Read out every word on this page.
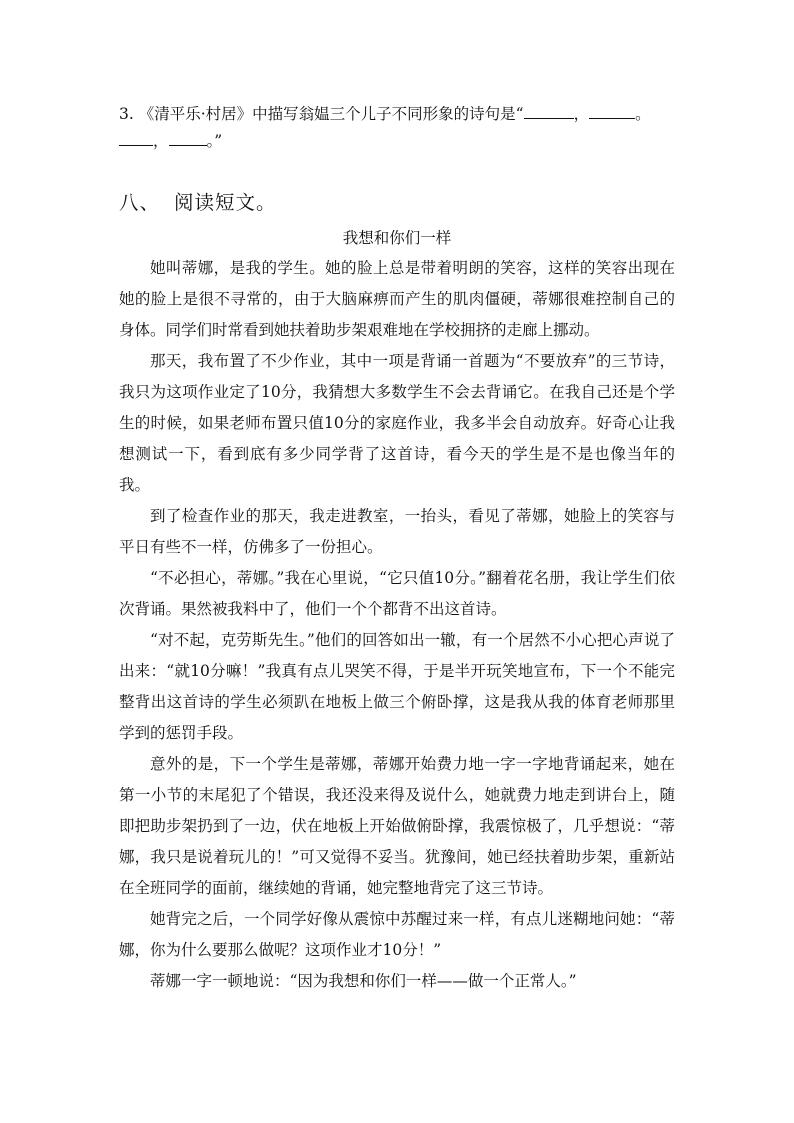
3. 《清平乐·村居》中描写翁媪三个儿子不同形象的诗句是“	，	。， 。”
八、 阅读短文。
我想和你们一样

她叫蒂娜，是我的学生。她的脸上总是带着明朗的笑容，这样的笑容出现在她的脸上是很不寻常的，由于大脑麻痹而产生的肌肉僵硬，蒂娜很难控制自己的身体。同学们时常看到她扶着助步架艰难地在学校拥挤的走廊上挪动。

那天，我布置了不少作业，其中一项是背诵一首题为“不要放弃”的三节诗，我只为这项作业定了10分，我猜想大多数学生不会去背诵它。在我自己还是个学生的时候，如果老师布置只值10分的家庭作业，我多半会自动放弃。好奇心让我想测试一下，看到底有多少同学背了这首诗，看今天的学生是不是也像当年的我。

到了检查作业的那天，我走进教室，一抬头，看见了蒂娜，她脸上的笑容与平日有些不一样，仿佛多了一份担心。

“不必担心，蒂娜。”我在心里说，“它只值10分。”翻着花名册，我让学生们依次背诵。果然被我料中了，他们一个个都背不出这首诗。

“对不起，克劳斯先生。”他们的回答如出一辙，有一个居然不小心把心声说了出来：“就10分嘛！”我真有点儿哭笑不得，于是半开玩笑地宣布，下一个不能完整背出这首诗的学生必须趴在地板上做三个俯卧撑，这是我从我的体育老师那里学到的惩罚手段。

意外的是，下一个学生是蒂娜，蒂娜开始费力地一字一字地背诵起来，她在第一小节的末尾犯了个错误，我还没来得及说什么，她就费力地走到讲台上，随即把助步架扔到了一边，伏在地板上开始做俯卧撑，我震惊极了，几乎想说：“蒂娜，我只是说着玩儿的！”可又觉得不妥当。犹豫间，她已经扶着助步架，重新站在全班同学的面前，继续她的背诵，她完整地背完了这三节诗。

她背完之后，一个同学好像从震惊中苏醒过来一样，有点儿迷糊地问她：“蒂娜，你为什么要那么做呢？这项作业才10分！”

蒂娜一字一顿地说：“因为我想和你们一样——做一个正常人。”
